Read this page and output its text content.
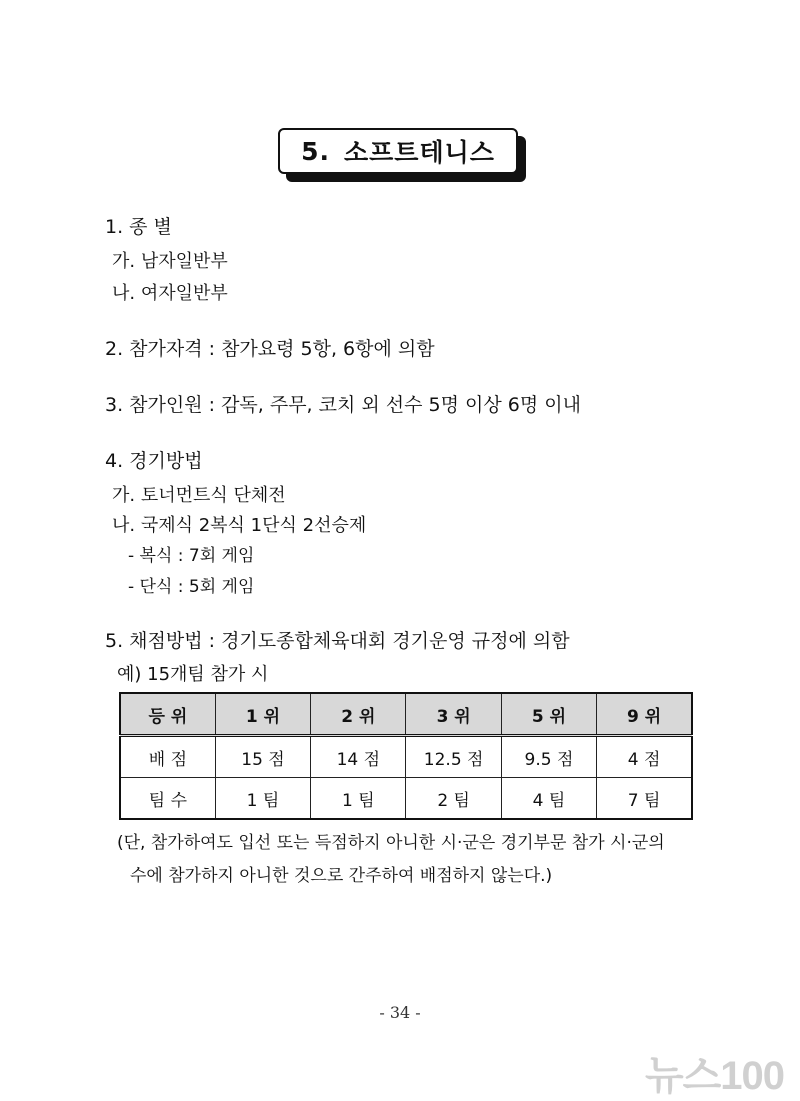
5. 소프트테니스
1. 종 별
가. 남자일반부
나. 여자일반부
2. 참가자격 : 참가요령 5항, 6항에 의함
3. 참가인원 : 감독, 주무, 코치 외 선수 5명 이상 6명 이내
4. 경기방법
가. 토너먼트식 단체전
나. 국제식 2복식 1단식 2선승제
- 복식 : 7회 게임
- 단식 : 5회 게임
5. 채점방법 : 경기도종합체육대회 경기운영 규정에 의함
예) 15개팀 참가 시
등 위	1 위	2 위	3 위	5 위	9 위
배 점	15 점	14 점	12.5 점	9.5 점	4 점
팀 수	1 팀	1 팀	2 팀	4 팀	7 팀
(단, 참가하여도 입선 또는 득점하지 아니한 시·군은 경기부문 참가 시·군의
수에 참가하지 아니한 것으로 간주하여 배점하지 않는다.)
- 34 -
뉴스100
